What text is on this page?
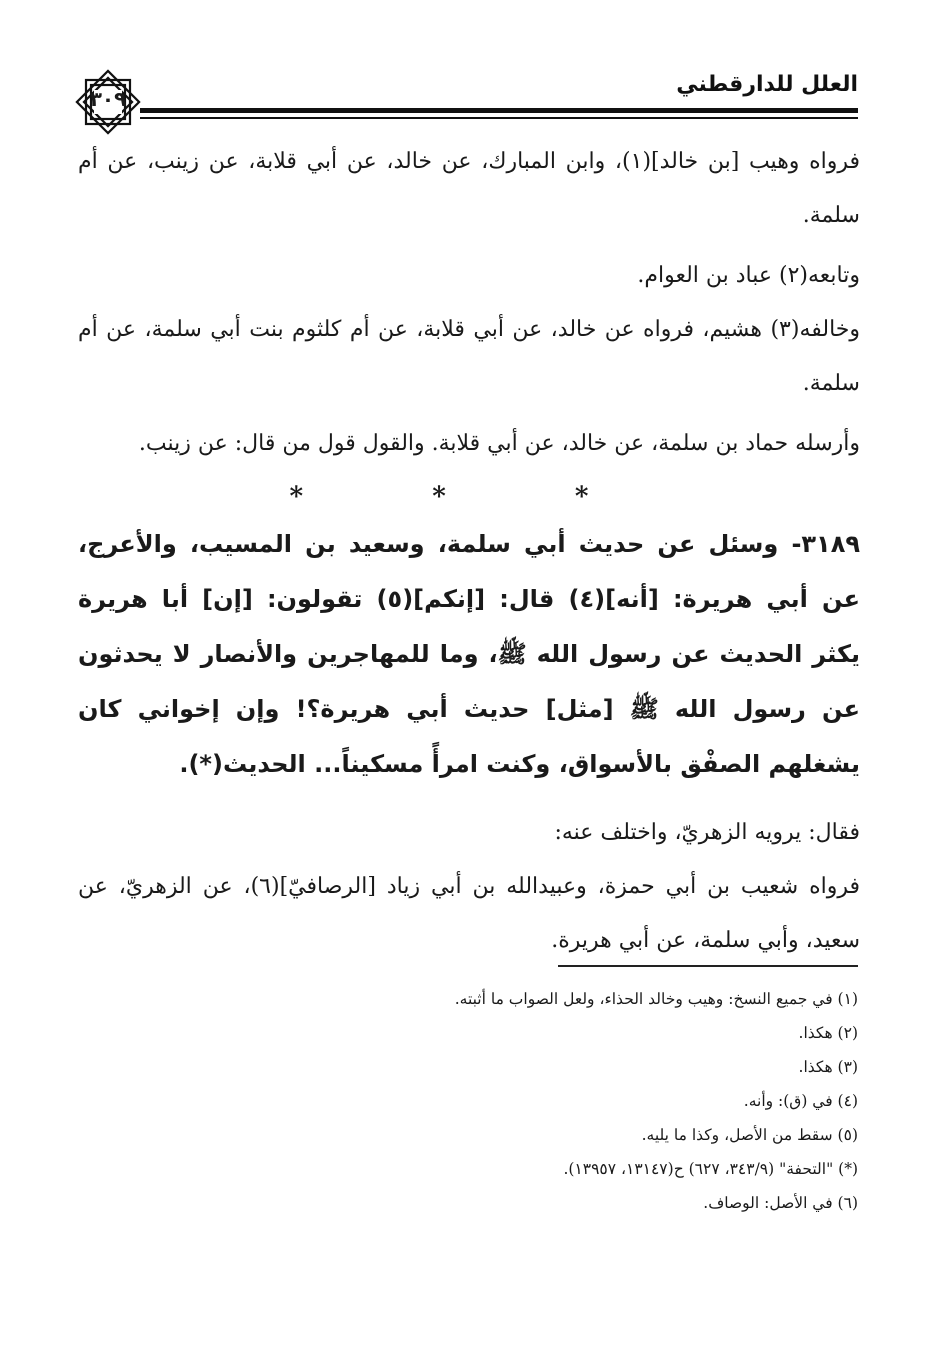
العلل للدارقطني
٣٠٩

فرواه وهيب [بن خالد](١)، وابن المبارك، عن خالد، عن أبي قلابة، عن زينب، عن أم سلمة.

وتابعه(٢) عباد بن العوام.

وخالفه(٣) هشيم، فرواه عن خالد، عن أبي قلابة، عن أم كلثوم بنت أبي سلمة، عن أم سلمة.

وأرسله حماد بن سلمة، عن خالد، عن أبي قلابة. والقول قول من قال: عن زينب.

* * *

٣١٨٩- وسئل عن حديث أبي سلمة، وسعيد بن المسيب، والأعرج، عن أبي هريرة: [أنه](٤) قال: [إنكم](٥) تقولون: [إن] أبا هريرة يكثر الحديث عن رسول الله ﷺ، وما للمهاجرين والأنصار لا يحدثون عن رسول الله ﷺ [مثل] حديث أبي هريرة؟! وإن إخواني كان يشغلهم الصفْق بالأسواق، وكنت امرأً مسكيناً... الحديث(*).

فقال: يرويه الزهريّ، واختلف عنه:

فرواه شعيب بن أبي حمزة، وعبيدالله بن أبي زياد [الرصافيّ](٦)، عن الزهريّ، عن سعيد، وأبي سلمة، عن أبي هريرة.

(١) في جميع النسخ: وهيب وخالد الحذاء، ولعل الصواب ما أثبته.

(٢) هكذا.

(٣) هكذا.

(٤) في (ق): وأنه.

(٥) سقط من الأصل، وكذا ما يليه.

(*) "التحفة" (٣٤٣/٩، ٦٢٧) ح(١٣١٤٧، ١٣٩٥٧).

(٦) في الأصل: الوصاف.
